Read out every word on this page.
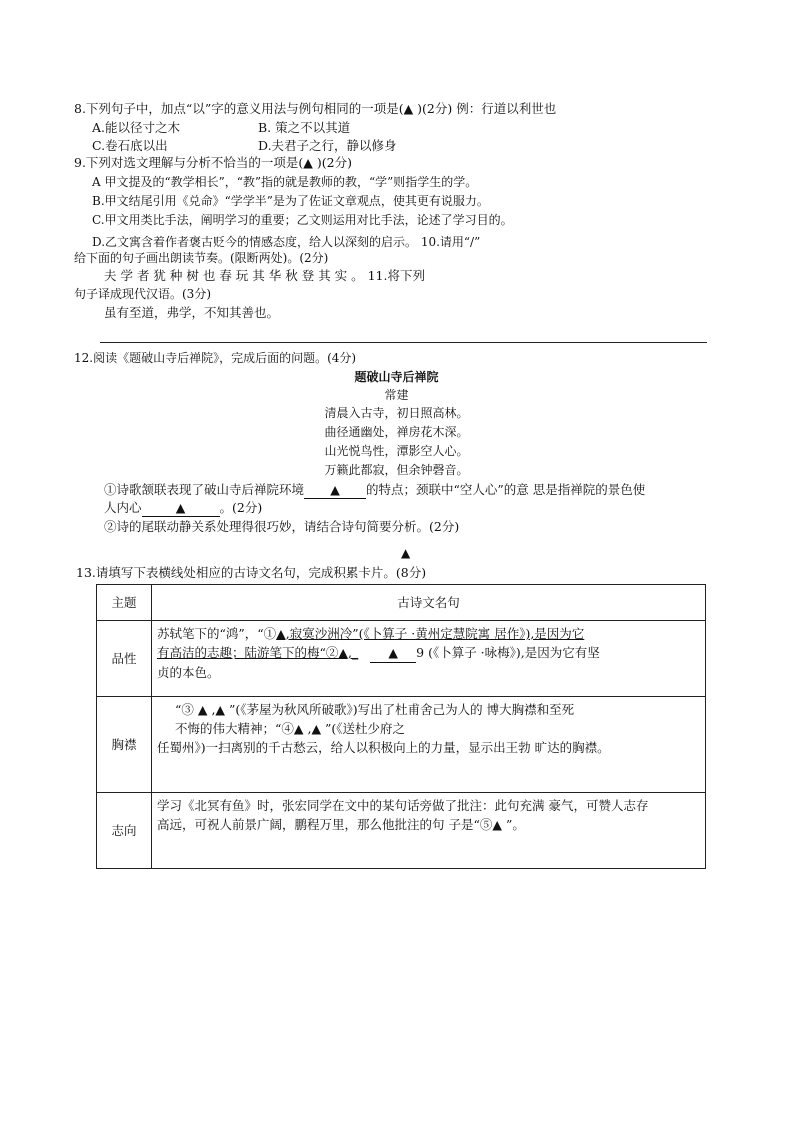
8.下列句子中，加点“以”字的意义用法与例句相同的一项是(▲ )(2分) 例：行道以利世也
A.能以径寸之木	B. 策之不以其道
C.卷石底以出	D.夫君子之行，静以修身
9.下列对选文理解与分析不恰当的一项是(▲ )(2分)
A 甲文提及的“教学相长”，“教”指的就是教师的教，“学”则指学生的学。
B.甲文结尾引用《兑命》“学学半”是为了佐证文章观点，使其更有说服力。
C.甲文用类比手法，阐明学习的重要；乙文则运用对比手法，论述了学习目的。
D.乙文寓含着作者褒古贬今的情感态度，给人以深刻的启示。 10.请用“/”
给下面的句子画出朗读节奏。(限断两处)。(2分)
夫 学 者 犹 种 树 也 春 玩 其 华 秋 登 其 实 。 11.将下列
句子译成现代汉语。(3分)
虽有至道，弗学，不知其善也。
12.阅读《题破山寺后禅院》，完成后面的问题。(4分)
题破山寺后禅院
常建
清晨入古寺，初日照高林。
曲径通幽处，禅房花木深。
山光悦鸟性，潭影空人心。
万籁此都寂，但余钟磬音。
①诗歌颔联表现了破山寺后禅院环境 ▲ 的特点；颈联中“空人心”的意 思是指禅院的景色使
人内心	▲	。(2分)
②诗的尾联动静关系处理得很巧妙，请结合诗句简要分析。(2分)
▲
13.请填写下表横线处相应的古诗文名句，完成积累卡片。(8分)
主题	古诗文名句
品性	苏轼笔下的“鸿”，“①▲,寂寞沙洲冷”(《卜算子 ·黄州定慧院寓 居作》),是因为它
有高洁的志趣；陆游笔下的梅“②▲,_ ▲ 9 (《卜算子 ·咏梅》),是因为它有坚
贞的本色。

胸襟	“③ ▲ ,▲ ”(《茅屋为秋风所破歌》)写出了杜甫舍己为人的 博大胸襟和至死
不悔的伟大精神；“④▲ ,▲ ”(《送杜少府之
任蜀州》)一扫离别的千古愁云，给人以积极向上的力量，显示出王勃 旷达的胸襟。

志向	学习《北冥有鱼》时，张宏同学在文中的某句话旁做了批注：此句充满 豪气，可赞人志存
高远，可祝人前景广阔，鹏程万里，那么他批注的句 子是“⑤▲ ”。
